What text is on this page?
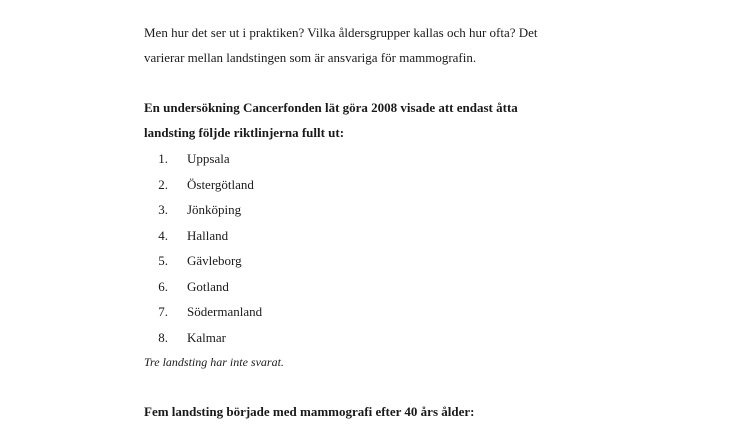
Men hur det ser ut i praktiken? Vilka åldersgrupper kallas och hur ofta? Det
varierar mellan landstingen som är ansvariga för mammografin.
En undersökning Cancerfonden lät göra 2008 visade att endast åtta
landsting följde riktlinjerna fullt ut:
1. Uppsala
2. Östergötland
3. Jönköping
4. Halland
5. Gävleborg
6. Gotland
7. Södermanland
8. Kalmar

Tre landsting har inte svarat.

Fem landsting började med mammografi efter 40 års ålder:
